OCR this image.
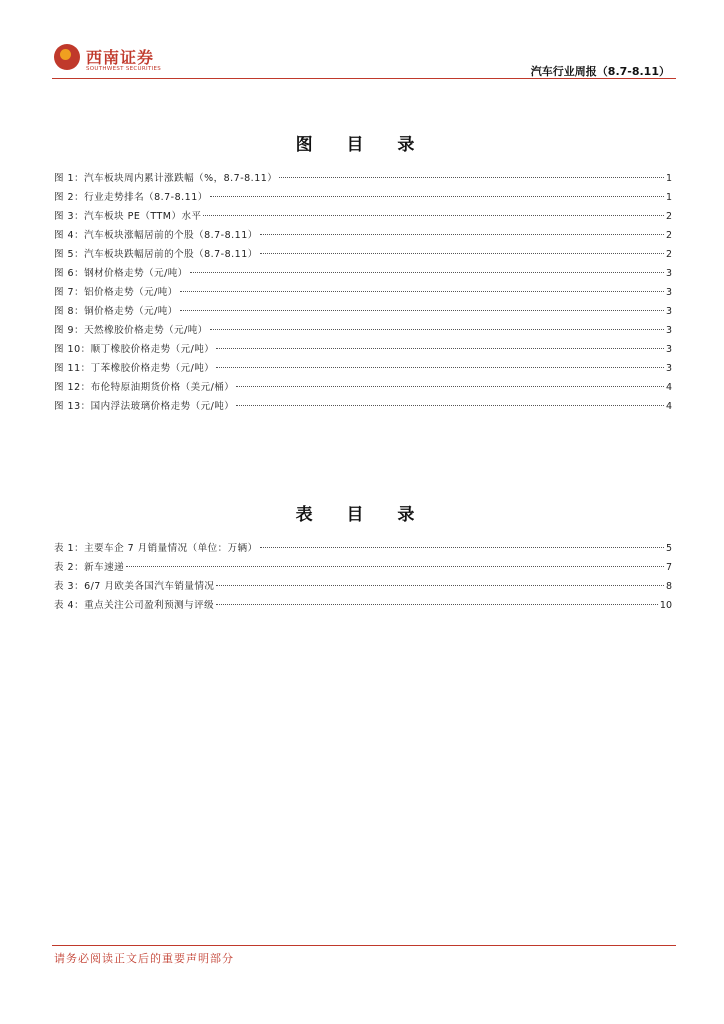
西南证券
SOUTHWEST SECURITIES	汽车行业周报（8.7-8.11）
图 目 录
图 1：汽车板块周内累计涨跌幅（%，8.7-8.11）	1
图 2：行业走势排名（8.7-8.11）	1
图 3：汽车板块 PE（TTM）水平	2
图 4：汽车板块涨幅居前的个股（8.7-8.11）	2
图 5：汽车板块跌幅居前的个股（8.7-8.11）	2
图 6：钢材价格走势（元/吨）	3
图 7：铝价格走势（元/吨）	3
图 8：铜价格走势（元/吨）	3
图 9：天然橡胶价格走势（元/吨）	3
图 10：顺丁橡胶价格走势（元/吨）	3
图 11：丁苯橡胶价格走势（元/吨）	3
图 12：布伦特原油期货价格（美元/桶）	4
图 13：国内浮法玻璃价格走势（元/吨）	4
表 目 录
表 1：主要车企 7 月销量情况（单位：万辆）	5
表 2：新车速递	7
表 3：6/7 月欧美各国汽车销量情况	8
表 4：重点关注公司盈利预测与评级	10
请务必阅读正文后的重要声明部分
